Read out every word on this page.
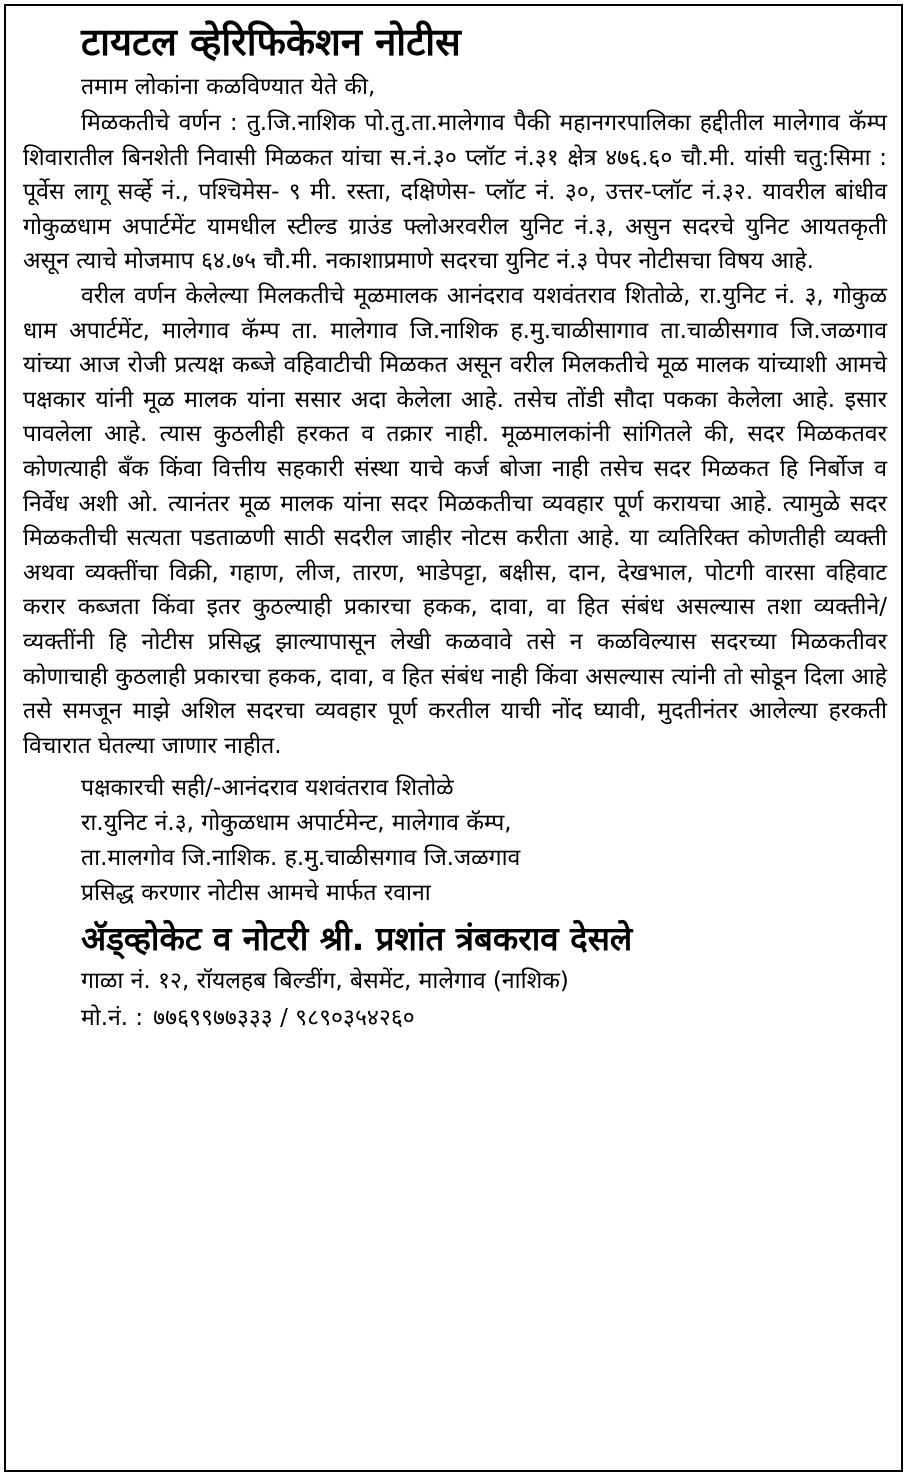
टायटल व्हेरिफिकेशन नोटीस
तमाम लोकांना कळविण्यात येते की,

मिळकतीचे वर्णन : तु.जि.नाशिक पो.तु.ता.मालेगाव पैकी महानगरपालिका हद्दीतील मालेगाव कॅम्प शिवारातील बिनशेती निवासी मिळकत यांचा स.नं.३० प्लॉट नं.३१ क्षेत्र ४७६.६० चौ.मी. यांसी चतु:सिमा : पूर्वेस लागू सर्व्हे नं., पश्चिमेस- ९ मी. रस्ता, दक्षिणेस- प्लॉट नं. ३०, उत्तर-प्लॉट नं.३२. यावरील बांधीव गोकुळधाम अपार्टमेंट यामधील स्टील्ड ग्राउंड फ्लोअरवरील युनिट नं.३, असुन सदरचे युनिट आयतकृती असून त्याचे मोजमाप ६४.७५ चौ.मी. नकाशाप्रमाणे सदरचा युनिट नं.३ पेपर नोटीसचा विषय आहे.

वरील वर्णन केलेल्या मिलकतीचे मूळमालक आनंदराव यशवंतराव शितोळे, रा.युनिट नं. ३, गोकुळ धाम अपार्टमेंट, मालेगाव कॅम्प ता. मालेगाव जि.नाशिक ह.मु.चाळीसागाव ता.चाळीसगाव जि.जळगाव यांच्या आज रोजी प्रत्यक्ष कब्जे वहिवाटीची मिळकत असून वरील मिलकतीचे मूळ मालक यांच्याशी आमचे पक्षकार यांनी मूळ मालक यांना ससार अदा केलेला आहे. तसेच तोंडी सौदा पकका केलेला आहे. इसार पावलेला आहे. त्यास कुठलीही हरकत व तक्रार नाही. मूळमालकांनी सांगितले की, सदर मिळकतवर कोणत्याही बँक किंवा वित्तीय सहकारी संस्था याचे कर्ज बोजा नाही तसेच सदर मिळकत हि निर्बोज व निर्वेध अशी ओ. त्यानंतर मूळ मालक यांना सदर मिळकतीचा व्यवहार पूर्ण करायचा आहे. त्यामुळे सदर मिळकतीची सत्यता पडताळणी साठी सदरील जाहीर नोटस करीता आहे. या व्यतिरिक्त कोणतीही व्यक्ती अथवा व्यक्तींचा विक्री, गहाण, लीज, तारण, भाडेपट्टा, बक्षीस, दान, देखभाल, पोटगी वारसा वहिवाट करार कब्जता किंवा इतर कुठल्याही प्रकारचा हकक, दावा, वा हित संबंध असल्यास तशा व्यक्तीने/व्यक्तींनी हि नोटीस प्रसिद्ध झाल्यापासून लेखी कळवावे तसे न कळविल्यास सदरच्या मिळकतीवर कोणाचाही कुठलाही प्रकारचा हकक, दावा, व हित संबंध नाही किंवा असल्यास त्यांनी तो सोडून दिला आहे तसे समजून माझे अशिल सदरचा व्यवहार पूर्ण करतील याची नोंद घ्यावी, मुदतीनंतर आलेल्या हरकती विचारात घेतल्या जाणार नाहीत.

पक्षकारची सही/-आनंदराव यशवंतराव शितोळे
रा.युनिट नं.३, गोकुळधाम अपार्टमेन्ट, मालेगाव कॅम्प,
ता.मालगोव जि.नाशिक. ह.मु.चाळीसगाव जि.जळगाव
प्रसिद्ध करणार नोटीस आमचे मार्फत रवाना
ॲड्व्होकेट व नोटरी श्री. प्रशांत त्रंबकराव देसले
गाळा नं. १२, रॉयलहब बिल्डींग, बेसमेंट, मालेगाव (नाशिक)
मो.नं. : ७७६९९७७३३३ / ९८९०३५४२६०
